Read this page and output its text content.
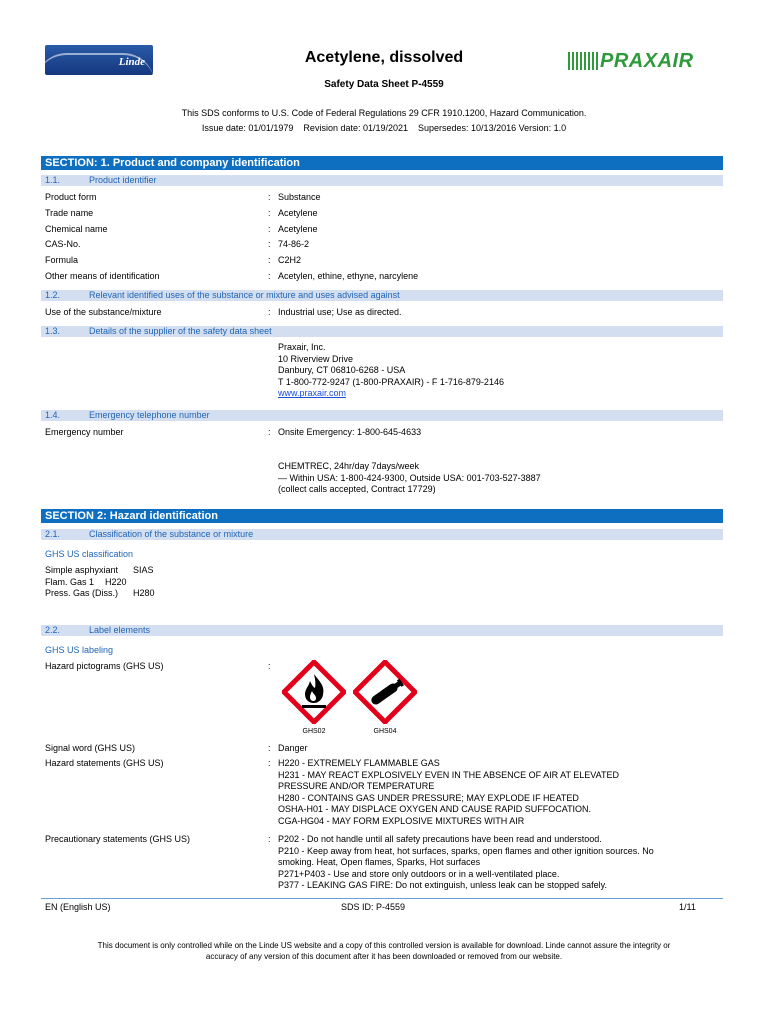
Linde	Acetylene, dissolved
Safety Data Sheet P-4559
PRAXAIR
This SDS conforms to U.S. Code of Federal Regulations 29 CFR 1910.1200, Hazard Communication.
Issue date: 01/01/1979    Revision date: 01/19/2021    Supersedes: 10/13/2016 Version: 1.0
SECTION: 1. Product and company identification
1.1.	Product identifier
Product form	: Substance
Trade name	: Acetylene
Chemical name	: Acetylene
CAS-No.	: 74-86-2
Formula	: C2H2
Other means of identification	: Acetylen, ethine, ethyne, narcylene
1.2.	Relevant identified uses of the substance or mixture and uses advised against
Use of the substance/mixture	: Industrial use; Use as directed.
1.3.	Details of the supplier of the safety data sheet
Praxair, Inc.
10 Riverview Drive
Danbury, CT 06810-6268 - USA
T 1-800-772-9247 (1-800-PRAXAIR) - F 1-716-879-2146
www.praxair.com
1.4.	Emergency telephone number
Emergency number	: Onsite Emergency: 1-800-645-4633
CHEMTREC, 24hr/day 7days/week
— Within USA: 1-800-424-9300, Outside USA: 001-703-527-3887
(collect calls accepted, Contract 17729)
SECTION 2: Hazard identification
2.1.	Classification of the substance or mixture
GHS US classification
Simple asphyxiant SIAS
Flam. Gas 1 H220
Press. Gas (Diss.) H280
2.2.	Label elements
GHS US labeling
Hazard pictograms (GHS US)	:
GHS02	GHS04
Signal word (GHS US)	: Danger
Hazard statements (GHS US)	: H220 - EXTREMELY FLAMMABLE GAS
H231 - MAY REACT EXPLOSIVELY EVEN IN THE ABSENCE OF AIR AT ELEVATED
PRESSURE AND/OR TEMPERATURE
H280 - CONTAINS GAS UNDER PRESSURE; MAY EXPLODE IF HEATED
OSHA-H01 - MAY DISPLACE OXYGEN AND CAUSE RAPID SUFFOCATION.
CGA-HG04 - MAY FORM EXPLOSIVE MIXTURES WITH AIR
Precautionary statements (GHS US)	: P202 - Do not handle until all safety precautions have been read and understood.
P210 - Keep away from heat, hot surfaces, sparks, open flames and other ignition sources. No
smoking. Heat, Open flames, Sparks, Hot surfaces
P271+P403 - Use and store only outdoors or in a well-ventilated place.
P377 - LEAKING GAS FIRE: Do not extinguish, unless leak can be stopped safely.
EN (English US)	SDS ID: P-4559	1/11
This document is only controlled while on the Linde US website and a copy of this controlled version is available for download. Linde cannot assure the integrity or
accuracy of any version of this document after it has been downloaded or removed from our website.
